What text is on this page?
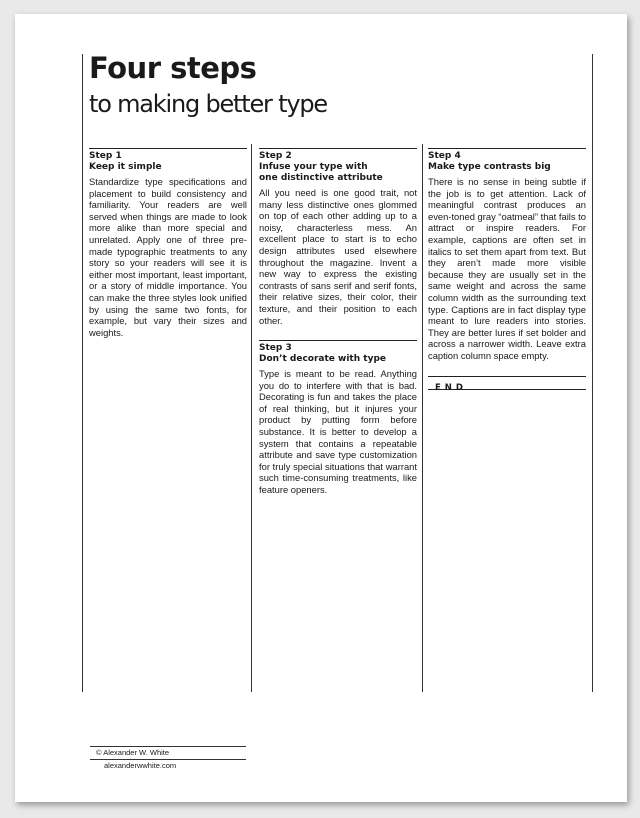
Four steps
to making better type
Step 1
Keep it simple
Standardize type specifications and placement to build consistency and familiarity. Your readers are well served when things are made to look more alike than more special and unrelated. Apply one of three pre-made typographic treatments to any story so your readers will see it is either most important, least important, or a story of middle importance. You can make the three styles look unified by using the same two fonts, for example, but vary their sizes and weights.
Step 2
Infuse your type with one distinctive attribute
All you need is one good trait, not many less distinctive ones glommed on top of each other adding up to a noisy, characterless mess. An excellent place to start is to echo design attributes used elsewhere throughout the magazine. Invent a new way to express the existing contrasts of sans serif and serif fonts, their relative sizes, their color, their texture, and their position to each other.
Step 3
Don’t decorate with type
Type is meant to be read. Anything you do to interfere with that is bad. Decorating is fun and takes the place of real thinking, but it injures your product by putting form before substance. It is better to develop a system that contains a repeatable attribute and save type customization for truly special situations that warrant such time-consuming treatments, like feature openers.
Step 4
Make type contrasts big
There is no sense in being subtle if the job is to get attention. Lack of meaningful contrast produces an even-toned gray “oatmeal” that fails to attract or inspire readers. For example, captions are often set in italics to set them apart from text. But they aren’t made more visible because they are usually set in the same weight and across the same column width as the surrounding text type. Captions are in fact display type meant to lure readers into stories. They are better lures if set bolder and across a narrower width. Leave extra caption column space empty.
END
© Alexander W. White
alexanderwwhite.com
